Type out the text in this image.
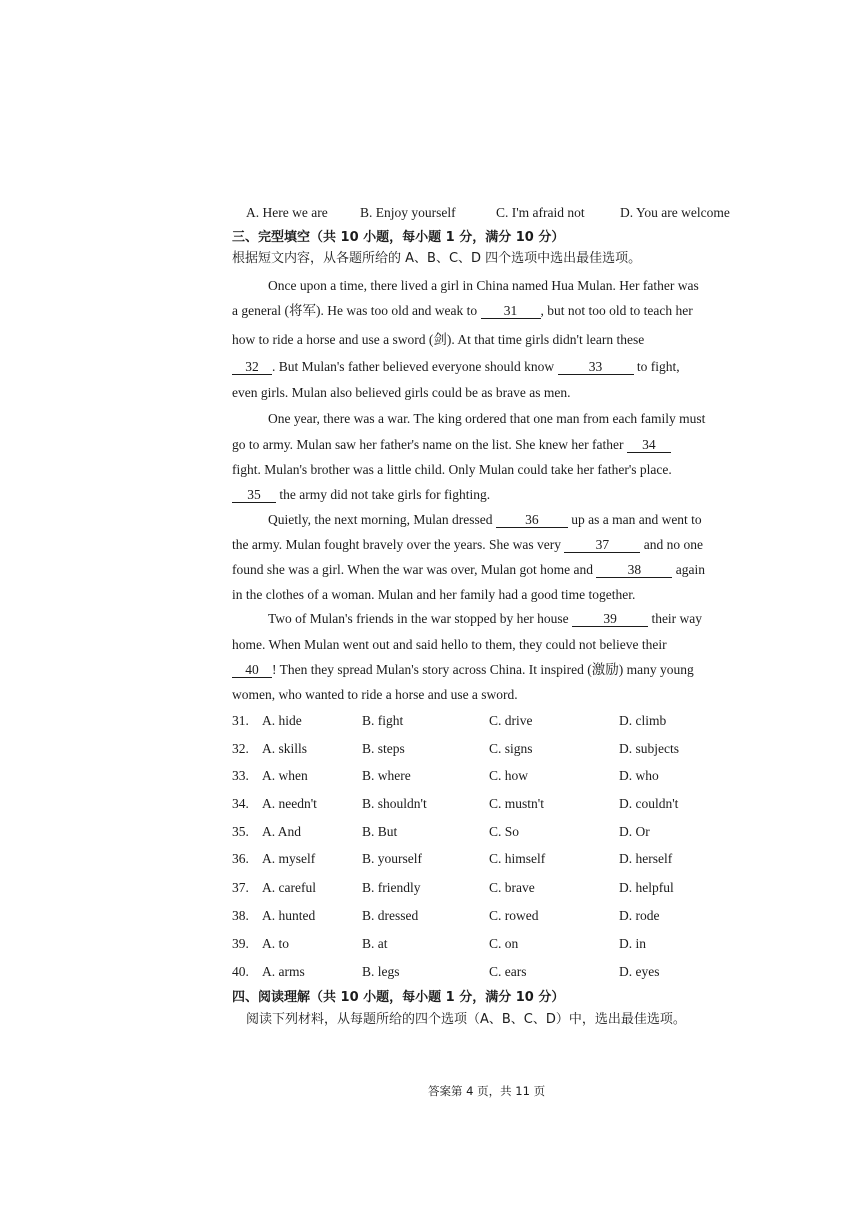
A. Here we are B. Enjoy yourself	C. I'm afraid not	D. You are welcome
三、完型填空（共 10 小题，每小题 1 分，满分 10 分）
根据短文内容，从各题所给的 A、B、C、D 四个选项中选出最佳选项。
Once upon a time, there lived a girl in China named Hua Mulan. Her father was
a general (将军). He was too old and weak to 31 , but not too old to teach her
how to ride a horse and use a sword (剑). At that time girls didn't learn these
32 . But Mulan's father believed everyone should know 33 to fight,
even girls. Mulan also believed girls could be as brave as men.
One year, there was a war. The king ordered that one man from each family must
go to army. Mulan saw her father's name on the list. She knew her father 34
fight. Mulan's brother was a little child. Only Mulan could take her father's place.
35 the army did not take girls for fighting.
Quietly, the next morning, Mulan dressed 36 up as a man and went to
the army. Mulan fought bravely over the years. She was very 37 and no one
found she was a girl. When the war was over, Mulan got home and 38 again
in the clothes of a woman. Mulan and her family had a good time together.
Two of Mulan's friends in the war stopped by her house 39 their way
home. When Mulan went out and said hello to them, they could not believe their
40 ! Then they spread Mulan's story across China. It inspired (激励) many young
women, who wanted to ride a horse and use a sword.
31. A. hide	B. fight	C. drive	D. climb
32. A. skills	B. steps	C. signs	D. subjects
33. A. when	B. where	C. how	D. who
34. A. needn't	B. shouldn't	C. mustn't	D. couldn't
35. A. And	B. But	C. So	D. Or
36. A. myself	B. yourself	C. himself	D. herself
37. A. careful	B. friendly	C. brave	D. helpful
38. A. hunted	B. dressed	C. rowed	D. rode
39. A. to	B. at	C. on	D. in
40. A. arms	B. legs	C. ears	D. eyes
四、阅读理解（共 10 小题，每小题 1 分，满分 10 分）
阅读下列材料，从每题所给的四个选项（A、B、C、D）中，选出最佳选项。
答案第 4 页，共 11 页
